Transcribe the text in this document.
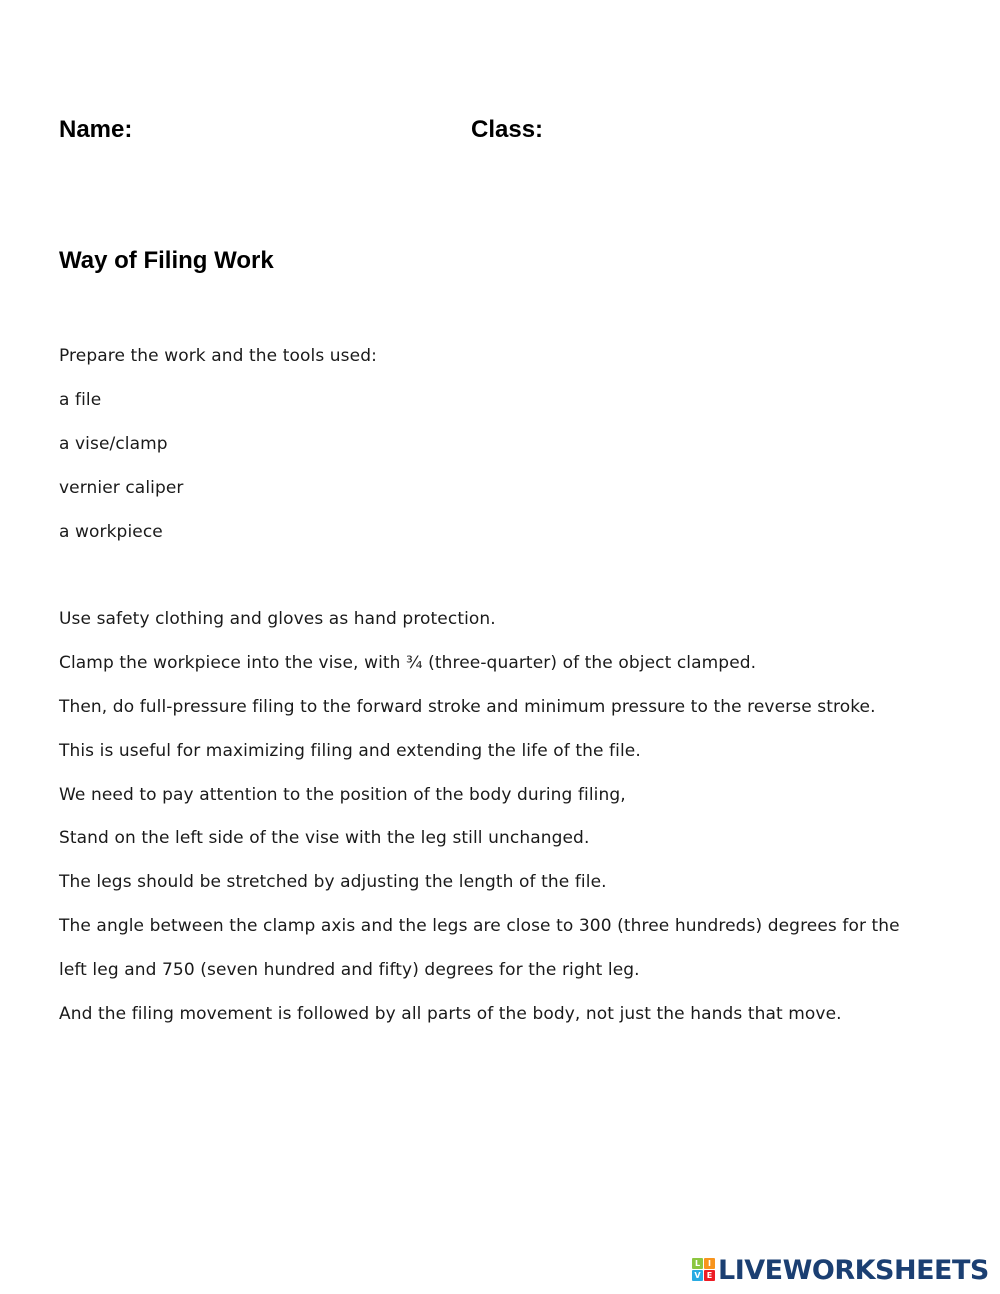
Name:	Class:
Way of Filing Work
Prepare the work and the tools used:
a file
a vise/clamp
vernier caliper
a workpiece
Use safety clothing and gloves as hand protection.
Clamp the workpiece into the vise, with ¾ (three-quarter) of the object clamped.
Then, do full-pressure filing to the forward stroke and minimum pressure to the reverse stroke.
This is useful for maximizing filing and extending the life of the file.
We need to pay attention to the position of the body during filing,
Stand on the left side of the vise with the leg still unchanged.
The legs should be stretched by adjusting the length of the file.
The angle between the clamp axis and the legs are close to 300 (three hundreds) degrees for the
left leg and 750 (seven hundred and fifty) degrees for the right leg.
And the filing movement is followed by all parts of the body, not just the hands that move.
L I
V E LIVEWORKSHEETS
